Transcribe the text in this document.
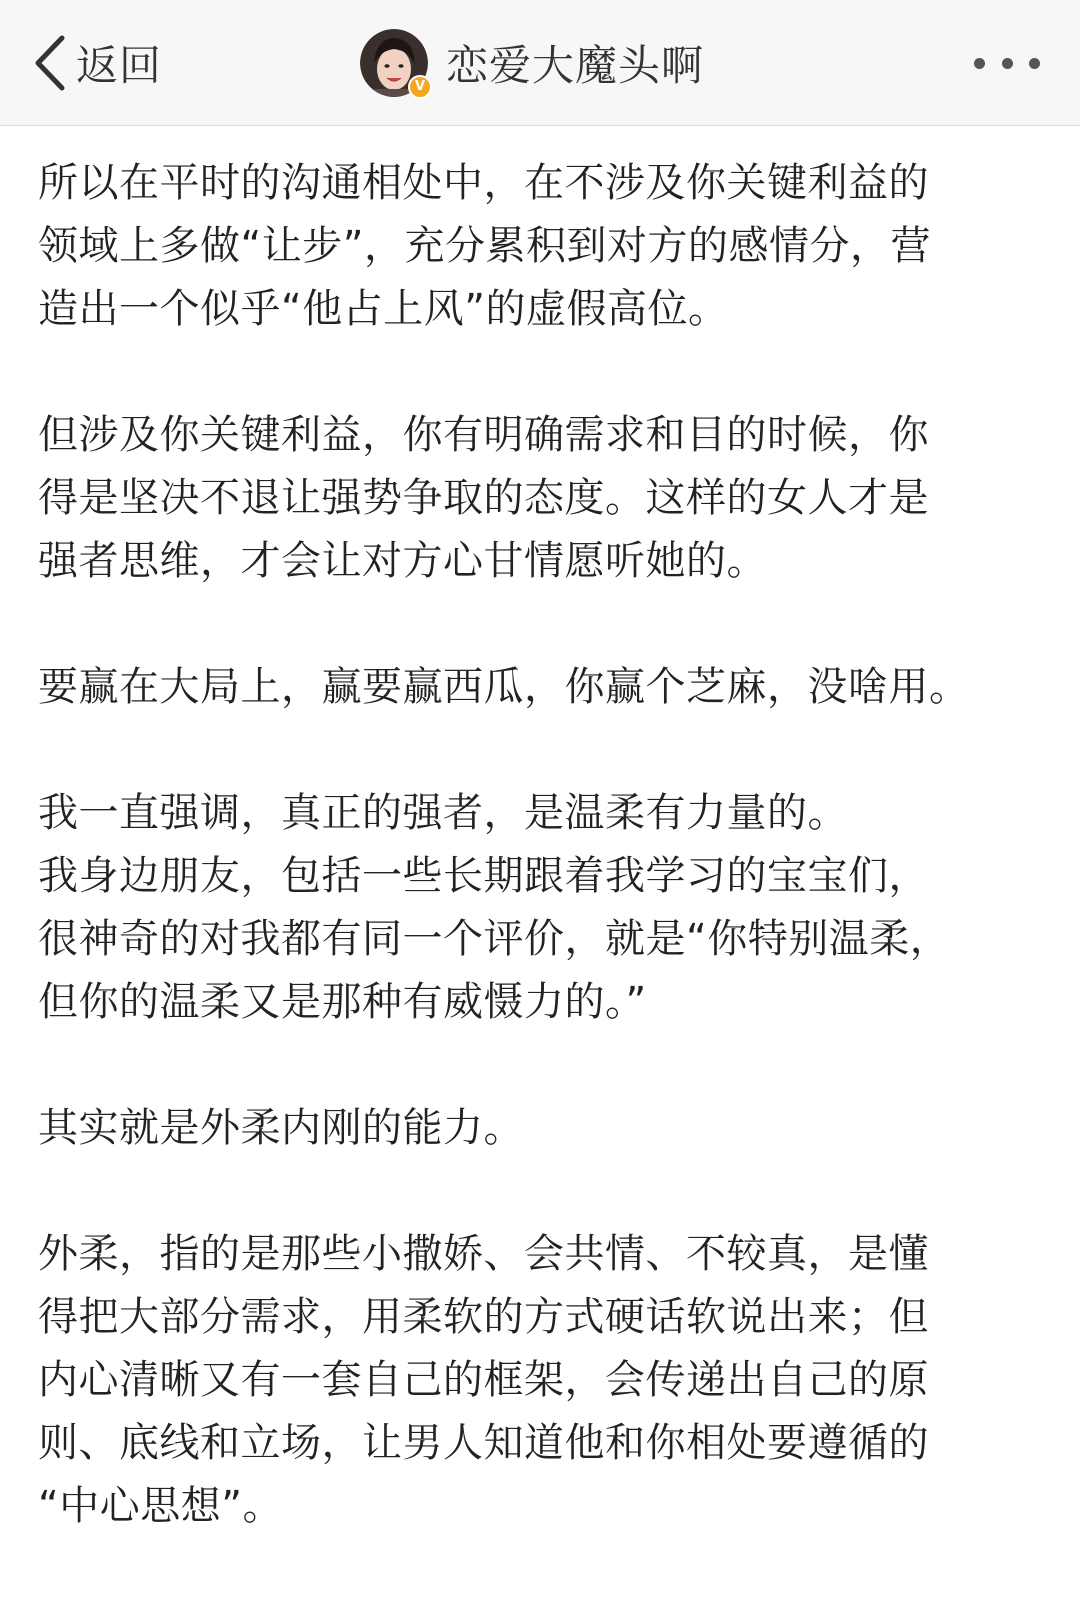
返回	V 恋爱大魔头啊

所以在平时的沟通相处中，在不涉及你关键利益的
领域上多做“让步”，充分累积到对方的感情分，营
造出一个似乎“他占上风”的虚假高位。

但涉及你关键利益，你有明确需求和目的时候，你
得是坚决不退让强势争取的态度。这样的女人才是
强者思维，才会让对方心甘情愿听她的。

要赢在大局上，赢要赢西瓜，你赢个芝麻，没啥用。

我一直强调，真正的强者，是温柔有力量的。
我身边朋友，包括一些长期跟着我学习的宝宝们，
很神奇的对我都有同一个评价，就是“你特别温柔，
但你的温柔又是那种有威慑力的。”

其实就是外柔内刚的能力。

外柔，指的是那些小撒娇、会共情、不较真，是懂
得把大部分需求，用柔软的方式硬话软说出来；但
内心清晰又有一套自己的框架，会传递出自己的原
则、底线和立场，让男人知道他和你相处要遵循的
“中心思想”。
